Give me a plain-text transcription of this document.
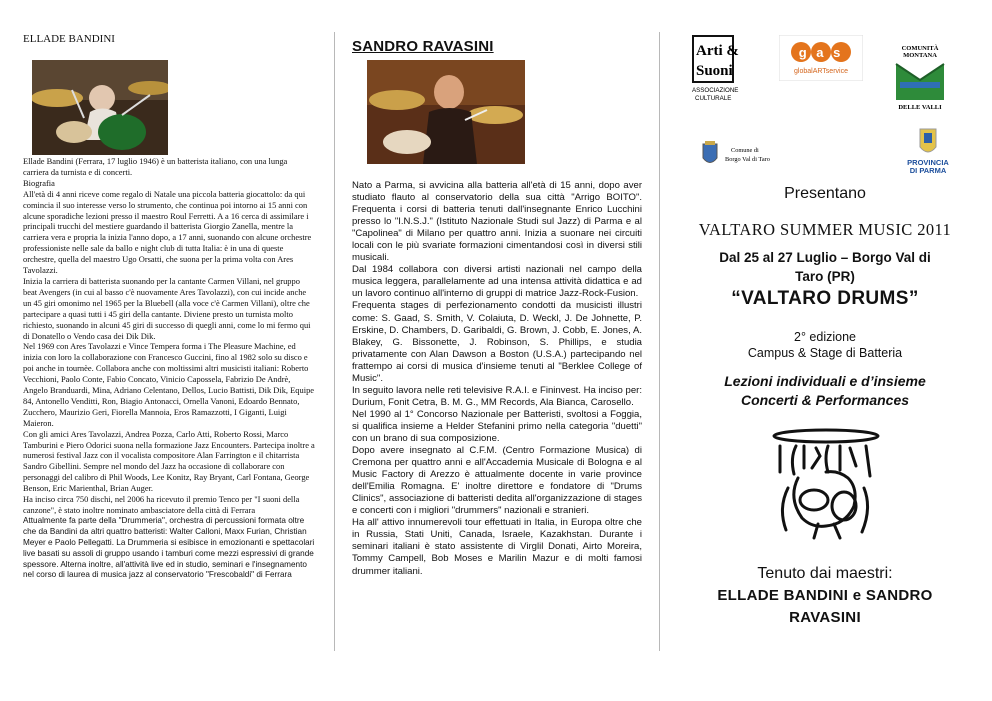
ELLADE BANDINI

Ellade Bandini (Ferrara, 17 luglio 1946) è un batterista italiano, con una lunga carriera da turnista e di concerti.

Biografia

All'età di 4 anni riceve come regalo di Natale una piccola batteria giocattolo: da qui comincia il suo interesse verso lo strumento, che continua poi intorno ai 15 anni con alcune sporadiche lezioni presso il maestro Roul Ferretti. A a 16 cerca di assimilare i principali trucchi del mestiere guardando il batterista Giorgio Zanella, mentre la carriera vera e propria la inizia l'anno dopo, a 17 anni, suonando con alcune orchestre professioniste nelle sale da ballo e night club di tutta Italia: è in una di queste orchestre, quella del maestro Ugo Orsatti, che suona per la prima volta con Ares Tavolazzi.

Inizia la carriera di batterista suonando per la cantante Carmen Villani, nel gruppo beat Avengers (in cui al basso c'è nuovamente Ares Tavolazzi), con cui incide anche un 45 giri omonimo nel 1965 per la Bluebell (alla voce c'è Carmen Villani), oltre che partecipare a quasi tutti i 45 giri della cantante. Diviene presto un turnista molto richiesto, suonando in alcuni 45 giri di successo di quegli anni, come lo mi fermo qui di Donatello o Vendo casa dei Dik Dik.

Nel 1969 con Ares Tavolazzi e Vince Tempera forma i The Pleasure Machine, ed inizia con loro la collaborazione con Francesco Guccini, fino al 1982 solo su disco e poi anche in tournèe. Collabora anche con moltissimi altri musicisti italiani: Roberto Vecchioni, Paolo Conte, Fabio Concato, Vinicio Capossela, Fabrizio De Andrè, Angelo Branduardi, Mina, Adriano Celentano, Dellos, Lucio Battisti, Dik Dik, Equipe 84, Antonello Venditti, Ron, Biagio Antonacci, Ornella Vanoni, Edoardo Bennato, Zucchero, Maurizio Geri, Fiorella Mannoia, Eros Ramazzotti, I Giganti, Luigi Maieron.

Con gli amici Ares Tavolazzi, Andrea Pozza, Carlo Atti, Roberto Rossi, Marco Tamburini e Piero Odorici suona nella formazione Jazz Encounters. Partecipa inoltre a numerosi festival Jazz con il vocalista compositore Alan Farrington e il chitarrista Sandro Gibellini. Sempre nel mondo del Jazz ha occasione di collaborare con personaggi del calibro di Phil Woods, Lee Konitz, Ray Bryant, Carl Fontana, George Benson, Eric Marienthal, Brian Auger.

Ha inciso circa 750 dischi, nel 2006 ha ricevuto il premio Tenco per "I suoni della canzone", è stato inoltre nominato ambasciatore della città di Ferrara

Attualmente fa parte della "Drummeria", orchestra di percussioni formata oltre che da Bandini da altri quattro batteristi: Walter Calloni, Maxx Furian, Christian Meyer e Paolo Pellegatti. La Drummeria si esibisce in emozionanti e spettacolari live basati su assoli di gruppo usando i tamburi come mezzi espressivi di grande spessore. Alterna inoltre, all'attività live ed in studio, seminari e l'insegnamento nel corso di laurea di musica jazz al conservatorio "Frescobaldi" di Ferrara

SANDRO RAVASINI

Nato a Parma, si avvicina alla batteria all'età di 15 anni, dopo aver studiato flauto al conservatorio della sua città "Arrigo BOITO". Frequenta i corsi di batteria tenuti dall'insegnante Enrico Lucchini presso lo "I.N.S.J." (Istituto Nazionale Studi sul Jazz) di Parma e al "Capolinea" di Milano per quattro anni. Inizia a suonare nei circuiti locali con le più svariate formazioni cimentandosi così in diversi stili musicali.

Dal 1984 collabora con diversi artisti nazionali nel campo della musica leggera, parallelamente ad una intensa attività didattica e ad un lavoro continuo all'interno di gruppi di matrice Jazz-Rock-Fusion.

Frequenta stages di perfezionamento condotti da musicisti illustri come: S. Gaad, S. Smith, V. Colaiuta, D. Weckl, J. De Johnette, P. Erskine, D. Chambers, D. Garibaldi, G. Brown, J. Cobb, E. Jones, A. Blakey, G. Bissonette, J. Robinson, S. Phillips, e studia privatamente con Alan Dawson a Boston (U.S.A.) partecipando nel frattempo ai corsi di musica d'insieme tenuti al "Berklee College of Music".

In seguito lavora nelle reti televisive R.A.I. e Fininvest. Ha inciso per: Durium, Fonit Cetra, B. M. G., MM Records, Ala Bianca, Carosello.

Nel 1990 al 1° Concorso Nazionale per Batteristi, svoltosi a Foggia, si qualifica insieme a Helder Stefanini primo nella categoria "duetti" con un brano di sua composizione.

Dopo avere insegnato al C.F.M. (Centro Formazione Musica) di Cremona per quattro anni e all'Accademia Musicale di Bologna e al Music Factory di Arezzo è attualmente docente in varie province dell'Emilia Romagna. E' inoltre direttore e fondatore di "Drums Clinics", associazione di batteristi dedita all'organizzazione di stages e concerti con i migliori "drummers" nazionali e stranieri.

Ha all' attivo innumerevoli tour effettuati in Italia, in Europa oltre che in Russia, Stati Uniti, Canada, Israele, Kazakhstan. Durante i seminari italiani è stato assistente di Virglil Donati, Airto Moreira, Tommy Campell, Bob Moses e Marilin Mazur e di molti famosi drummer italiani.

Arti &
Suoni
ASSOCIAZIONE
CULTURALE
g a s
globalARTservice
COMUNITÀ
MONTANA
DELLE VALLI
Comune di
Borgo Val di Taro	PROVINCIA
DI PARMA
Presentano
VALTARO SUMMER MUSIC 2011
Dal 25 al 27 Luglio – Borgo Val di
Taro (PR)
“VALTARO DRUMS”
2° edizione
Campus & Stage di Batteria
Lezioni individuali e d’insieme
Concerti & Performances
Tenuto dai maestri:
ELLADE BANDINI e SANDRO
RAVASINI
